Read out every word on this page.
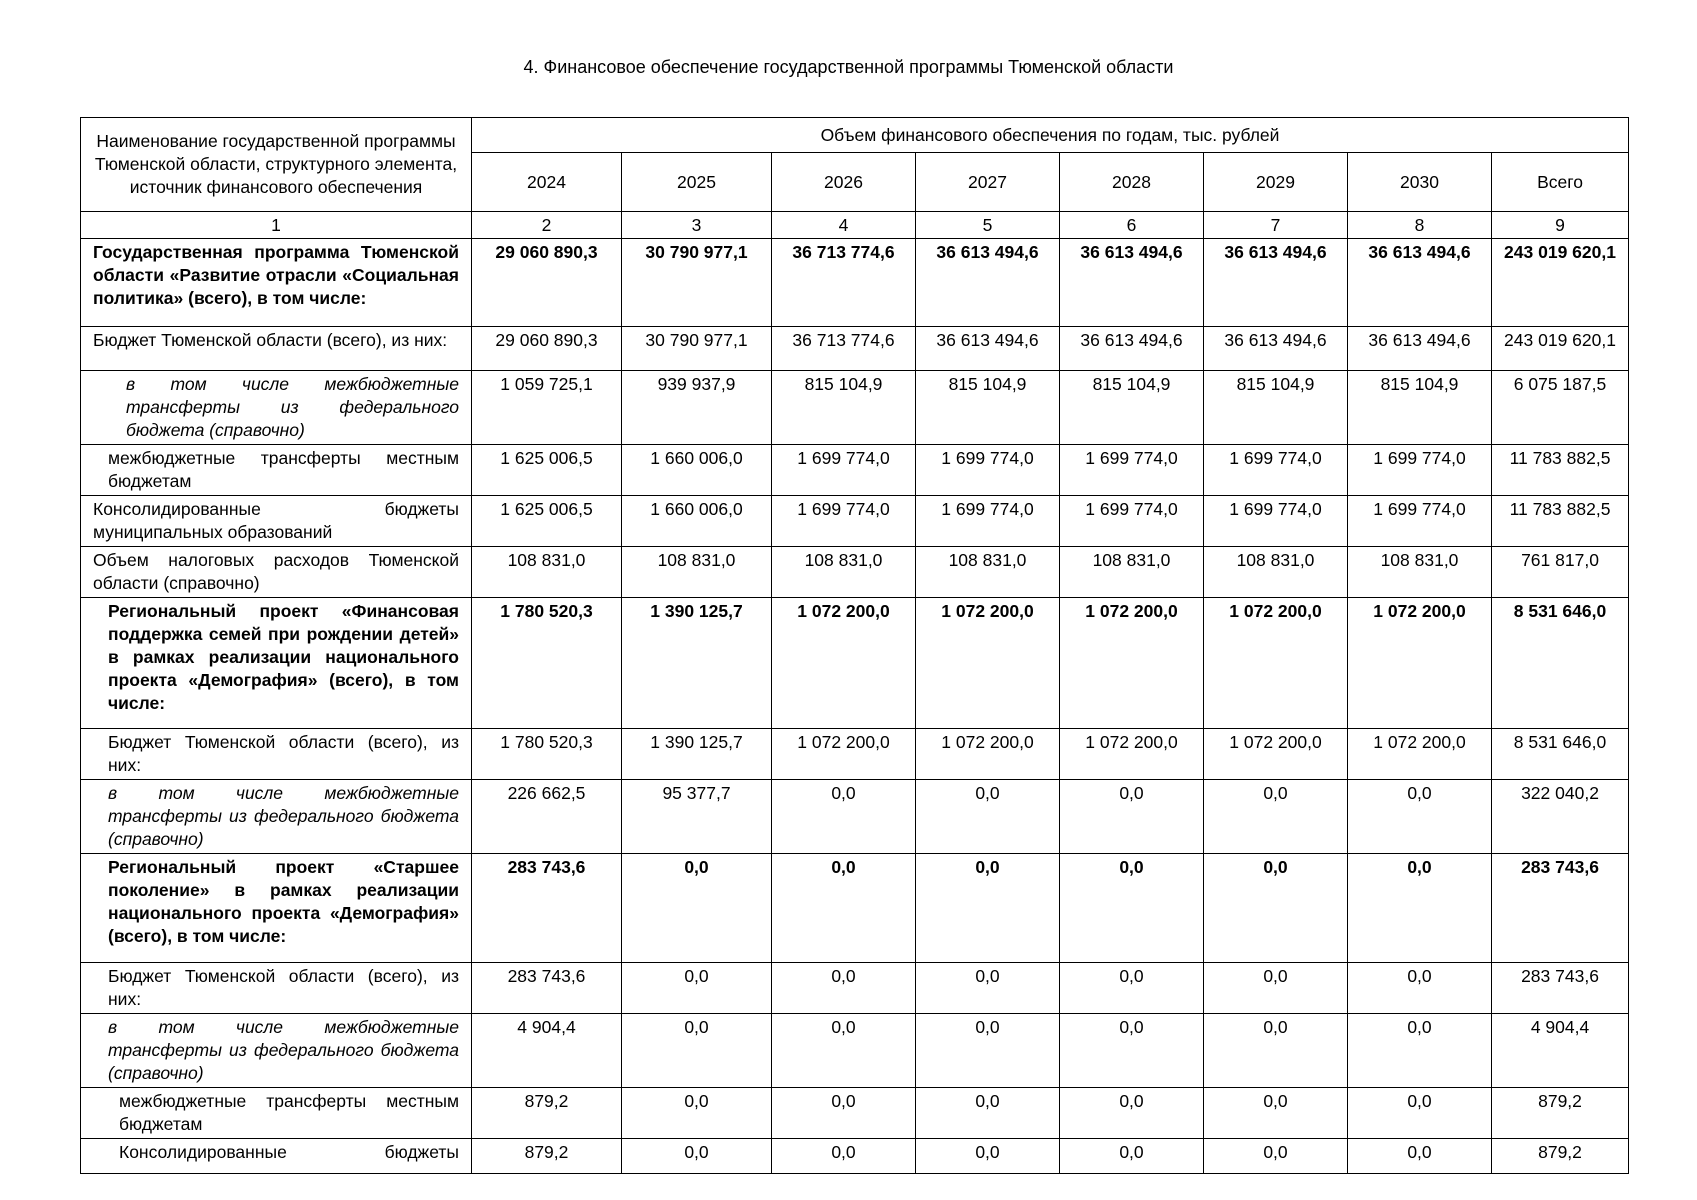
4. Финансовое обеспечение государственной программы Тюменской области
Наименование государственной программы Тюменской области, структурного элемента, источник финансового обеспечения	Объем финансового обеспечения по годам, тыс. рублей							
	2024	2025	2026	2027	2028	2029	2030	Всего
1	2	3	4	5	6	7	8	9
Государственная программа Тюменской области «Развитие отрасли «Социальная политика» (всего), в том числе:	29 060 890,3	30 790 977,1	36 713 774,6	36 613 494,6	36 613 494,6	36 613 494,6	36 613 494,6	243 019 620,1
Бюджет Тюменской области (всего), из них:	29 060 890,3	30 790 977,1	36 713 774,6	36 613 494,6	36 613 494,6	36 613 494,6	36 613 494,6	243 019 620,1
в том числе межбюджетные трансферты из федерального бюджета (справочно)	1 059 725,1	939 937,9	815 104,9	815 104,9	815 104,9	815 104,9	815 104,9	6 075 187,5
межбюджетные трансферты местным бюджетам	1 625 006,5	1 660 006,0	1 699 774,0	1 699 774,0	1 699 774,0	1 699 774,0	1 699 774,0	11 783 882,5
Консолидированные бюджеты муниципальных образований	1 625 006,5	1 660 006,0	1 699 774,0	1 699 774,0	1 699 774,0	1 699 774,0	1 699 774,0	11 783 882,5
Объем налоговых расходов Тюменской области (справочно)	108 831,0	108 831,0	108 831,0	108 831,0	108 831,0	108 831,0	108 831,0	761 817,0
Региональный проект «Финансовая поддержка семей при рождении детей» в рамках реализации национального проекта «Демография» (всего), в том числе:	1 780 520,3	1 390 125,7	1 072 200,0	1 072 200,0	1 072 200,0	1 072 200,0	1 072 200,0	8 531 646,0
Бюджет Тюменской области (всего), из них:	1 780 520,3	1 390 125,7	1 072 200,0	1 072 200,0	1 072 200,0	1 072 200,0	1 072 200,0	8 531 646,0
в том числе межбюджетные трансферты из федерального бюджета (справочно)	226 662,5	95 377,7	0,0	0,0	0,0	0,0	0,0	322 040,2
Региональный проект «Старшее поколение» в рамках реализации национального проекта «Демография» (всего), в том числе:	283 743,6	0,0	0,0	0,0	0,0	0,0	0,0	283 743,6
Бюджет Тюменской области (всего), из них:	283 743,6	0,0	0,0	0,0	0,0	0,0	0,0	283 743,6
в том числе межбюджетные трансферты из федерального бюджета (справочно)	4 904,4	0,0	0,0	0,0	0,0	0,0	0,0	4 904,4
межбюджетные трансферты местным бюджетам	879,2	0,0	0,0	0,0	0,0	0,0	0,0	879,2
Консолидированные бюджеты	879,2	0,0	0,0	0,0	0,0	0,0	0,0	879,2
